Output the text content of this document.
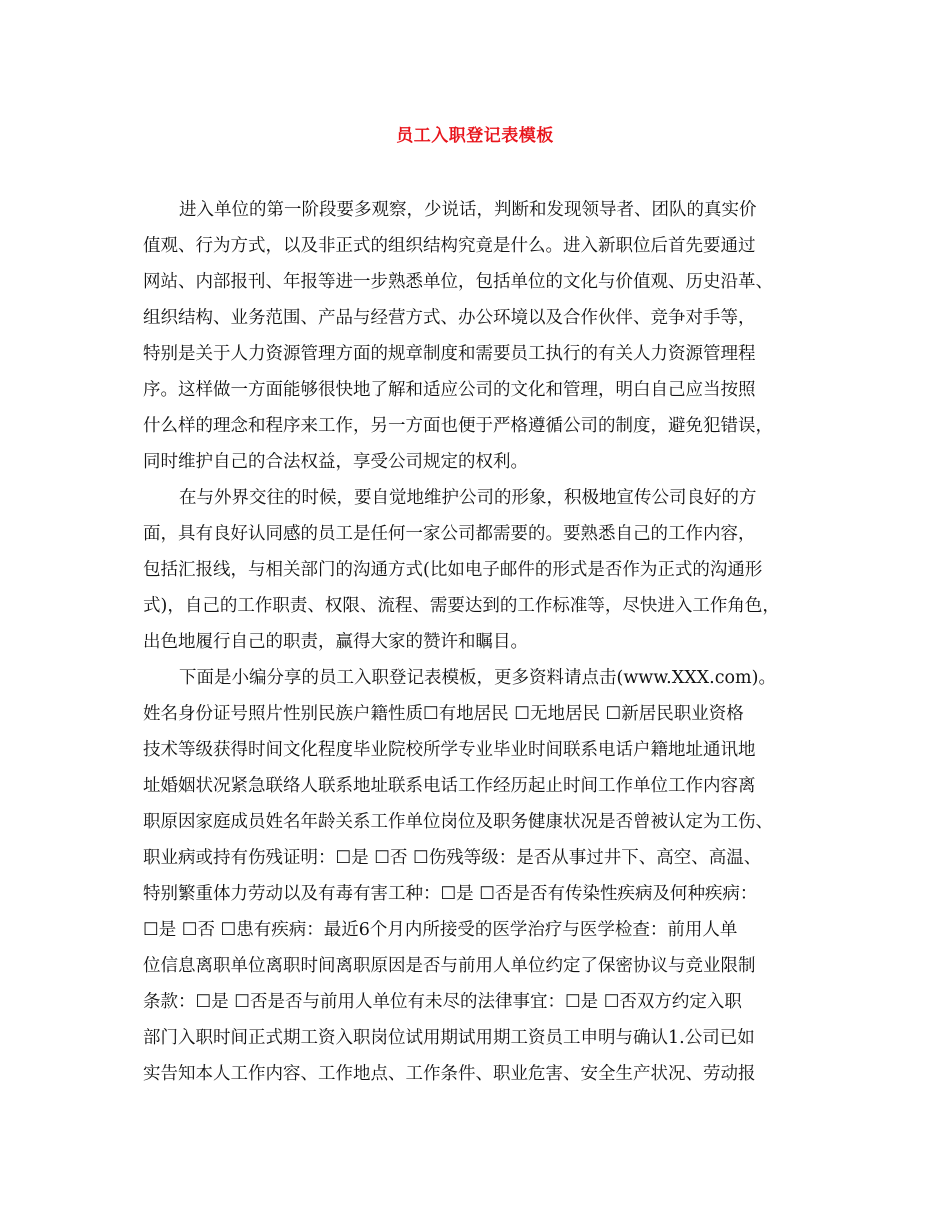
员工入职登记表模板
进入单位的第一阶段要多观察，少说话，判断和发现领导者、团队的真实价
值观、行为方式，以及非正式的组织结构究竟是什么。进入新职位后首先要通过
网站、内部报刊、年报等进一步熟悉单位，包括单位的文化与价值观、历史沿革、
组织结构、业务范围、产品与经营方式、办公环境以及合作伙伴、竞争对手等，
特别是关于人力资源管理方面的规章制度和需要员工执行的有关人力资源管理程
序。这样做一方面能够很快地了解和适应公司的文化和管理，明白自己应当按照
什么样的理念和程序来工作，另一方面也便于严格遵循公司的制度，避免犯错误，
同时维护自己的合法权益，享受公司规定的权利。
在与外界交往的时候，要自觉地维护公司的形象，积极地宣传公司良好的方
面，具有良好认同感的员工是任何一家公司都需要的。要熟悉自己的工作内容，
包括汇报线，与相关部门的沟通方式(比如电子邮件的形式是否作为正式的沟通形
式)，自己的工作职责、权限、流程、需要达到的工作标准等，尽快进入工作角色，
出色地履行自己的职责，赢得大家的赞许和瞩目。
下面是小编分享的员工入职登记表模板，更多资料请点击(www.XXX.com)。
姓名身份证号照片性别民族户籍性质☐有地居民 ☐无地居民 ☐新居民职业资格
技术等级获得时间文化程度毕业院校所学专业毕业时间联系电话户籍地址通讯地
址婚姻状况紧急联络人联系地址联系电话工作经历起止时间工作单位工作内容离
职原因家庭成员姓名年龄关系工作单位岗位及职务健康状况是否曾被认定为工伤、
职业病或持有伤残证明：☐是 ☐否 ☐伤残等级：是否从事过井下、高空、高温、
特别繁重体力劳动以及有毒有害工种：☐是 ☐否是否有传染性疾病及何种疾病：
☐是 ☐否 ☐患有疾病：最近6个月内所接受的医学治疗与医学检查：前用人单
位信息离职单位离职时间离职原因是否与前用人单位约定了保密协议与竞业限制
条款：☐是 ☐否是否与前用人单位有未尽的法律事宜：☐是 ☐否双方约定入职
部门入职时间正式期工资入职岗位试用期试用期工资员工申明与确认1.公司已如
实告知本人工作内容、工作地点、工作条件、职业危害、安全生产状况、劳动报
